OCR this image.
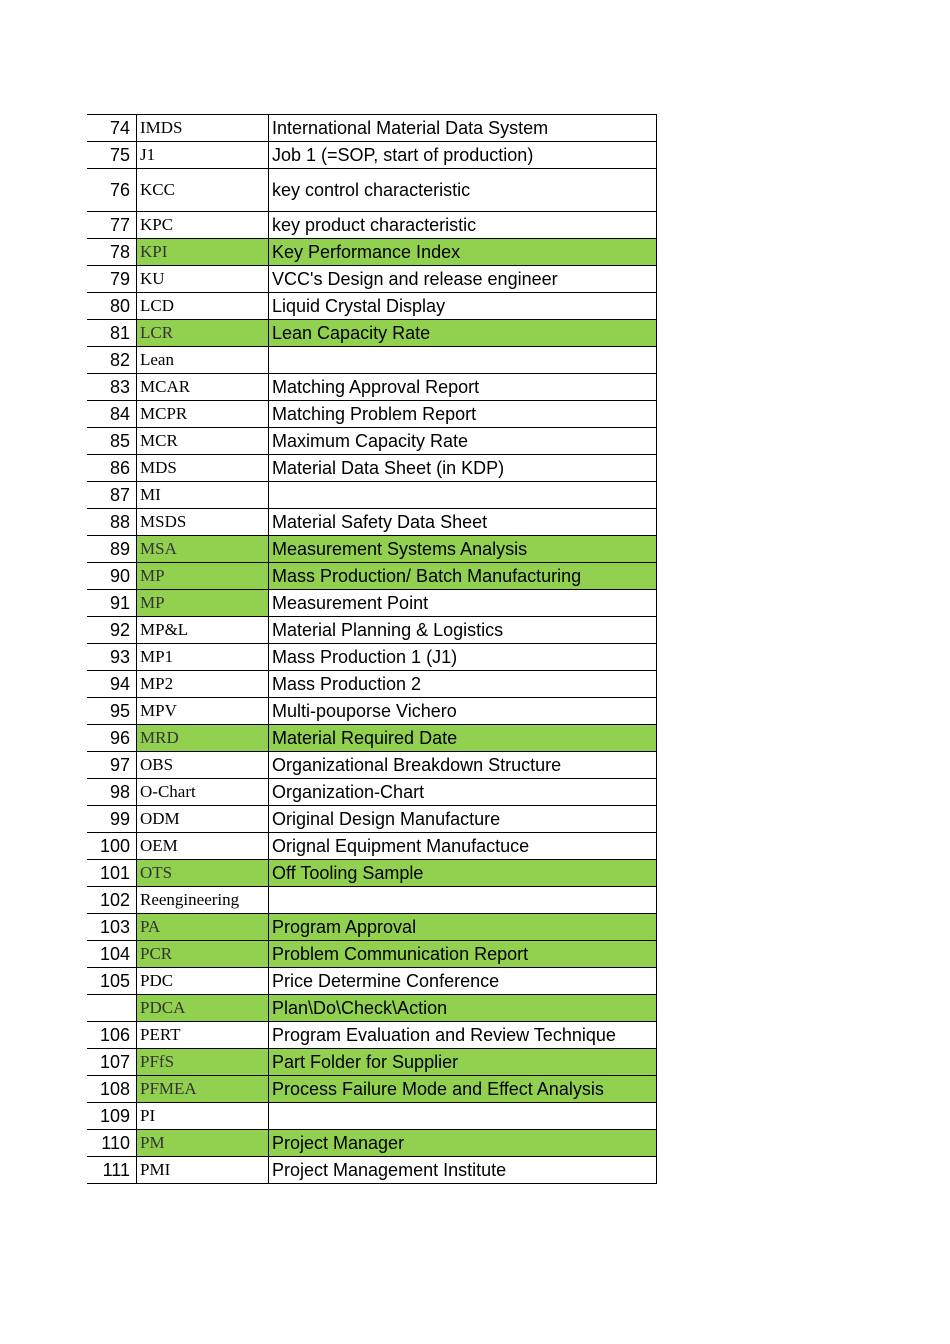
74	IMDS	International Material Data System
75	J1	Job 1 (=SOP, start of production)
76	KCC	key control characteristic
77	KPC	key product characteristic
78	KPI	Key Performance Index
79	KU	VCC's Design and release engineer
80	LCD	Liquid Crystal Display
81	LCR	Lean Capacity Rate
82	Lean	
83	MCAR	Matching Approval Report
84	MCPR	Matching Problem Report
85	MCR	Maximum Capacity Rate
86	MDS	Material Data Sheet (in KDP)
87	MI	
88	MSDS	Material Safety Data Sheet
89	MSA	Measurement Systems Analysis
90	MP	Mass Production/ Batch Manufacturing
91	MP	Measurement Point
92	MP&L	Material Planning & Logistics
93	MP1	Mass Production 1 (J1)
94	MP2	Mass Production 2
95	MPV	Multi-pouporse Vichero
96	MRD	Material Required Date
97	OBS	Organizational Breakdown Structure
98	O-Chart	Organization-Chart
99	ODM	Original Design Manufacture
100	OEM	Orignal Equipment Manufactuce
101	OTS	Off Tooling Sample
102	Reengineering	
103	PA	Program Approval
104	PCR	Problem Communication Report
105	PDC	Price Determine Conference
	PDCA	Plan\Do\Check\Action
106	PERT	Program Evaluation and Review Technique
107	PFfS	Part Folder for Supplier
108	PFMEA	Process Failure Mode and Effect Analysis
109	PI	
110	PM	Project Manager
111	PMI	Project Management Institute
